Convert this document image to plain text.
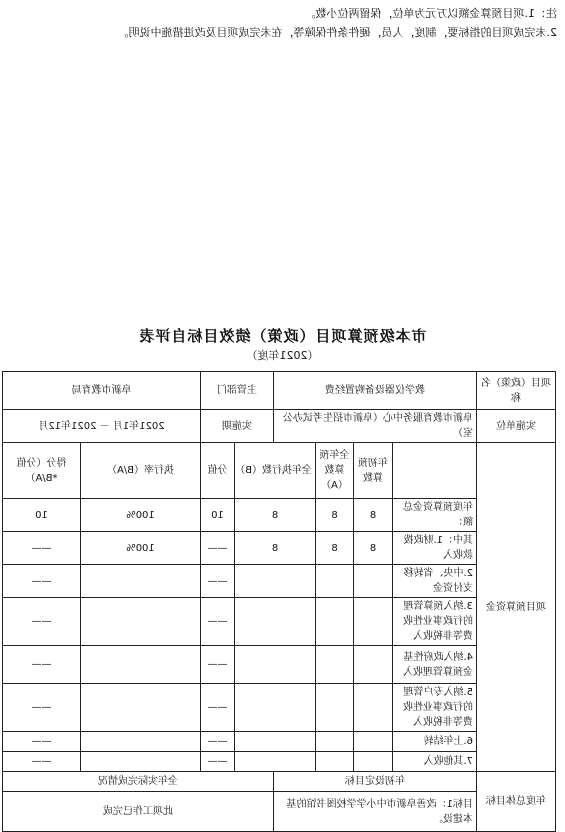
注：1.项目预算金额以万元为单位，保留两位小数。
2.未完成项目的指标要，制度，人员，硬件条件保障等，在未完成项目及改进措施中说明。
市本级预算项目（政策）绩效目标自评表
（2021年度）
项目（政策）名称	教学仪器设备购置经费				主管部门		阜新市教育局	
实施单位	阜新市教育服务中心（阜新市招生考试办公室）				实施期		2021年1月 － 2021年12月	
项目预算资金		年初预算数	全年预算数（A）	全年执行数（B）		分值	执行率（B/A）	得分（分值*B/A）
	年度预算资金总额：	8	8	8		10	100%	10
	其中：1.财政拨款收入	8	8	8		——	100%	——
	2.中央、省转移支付资金					——		——
	3.纳入预算管理的行政事业性收费等非税收入					——		——
	4.纳入政府性基金预算管理收入					——		——
	5.纳入专户管理的行政事业性收费等非税收入					——		——
	6.上年结转					——		——
	7.其他收入					——		——
年度总体目标	年初设定目标				全年实际完成情况			
	目标1：改善阜新市中小学学校图书馆的基本建设。				此项工作已完成			
